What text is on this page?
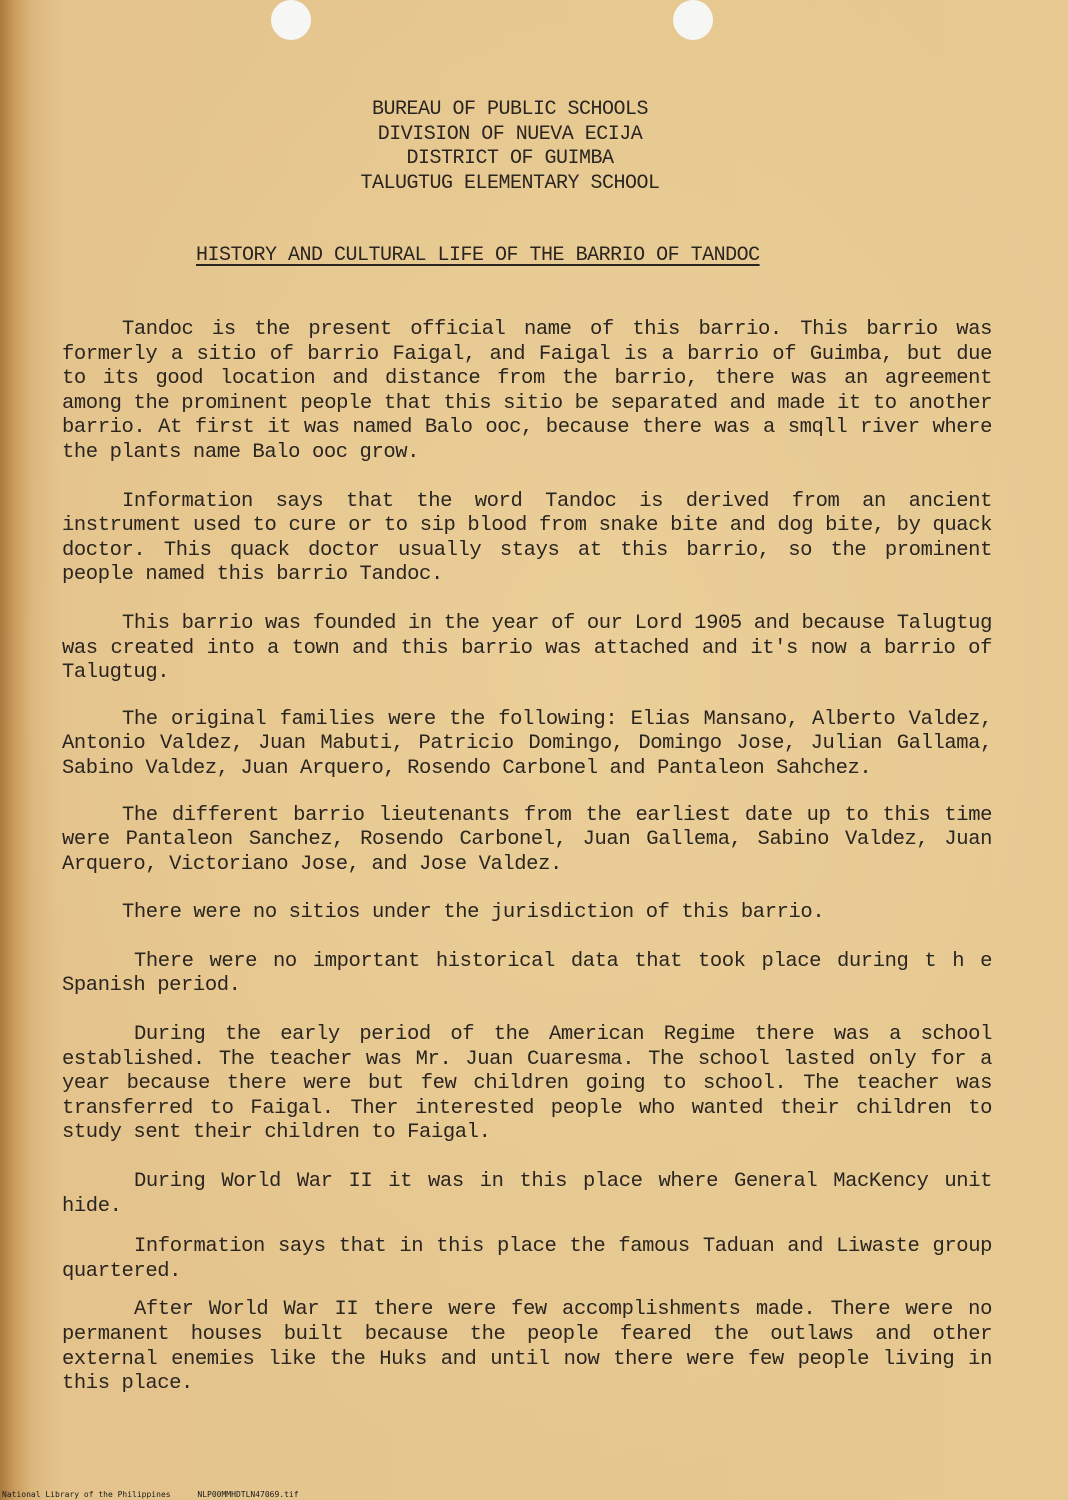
BUREAU OF PUBLIC SCHOOLS
DIVISION OF NUEVA ECIJA
DISTRICT OF GUIMBA
TALUGTUG ELEMENTARY SCHOOL
HISTORY AND CULTURAL LIFE OF THE BARRIO OF TANDOC

Tandoc is the present official name of this barrio. This barrio was formerly a sitio of barrio Faigal, and Faigal is a barrio of Guimba, but due to its good location and distance from the barrio, there was an agreement among the prominent people that this sitio be separated and made it to another barrio. At first it was named Balo ooc, because there was a smqll river where the plants name Balo ooc grow.

Information says that the word Tandoc is derived from an ancient instrument used to cure or to sip blood from snake bite and dog bite, by quack doctor. This quack doctor usually stays at this barrio, so the prominent people named this barrio Tandoc.

This barrio was founded in the year of our Lord 1905 and because Talugtug was created into a town and this barrio was attached and it's now a barrio of Talugtug.

The original families were the following: Elias Mansano, Alberto Valdez, Antonio Valdez, Juan Mabuti, Patricio Domingo, Domingo Jose, Julian Gallama, Sabino Valdez, Juan Arquero, Rosendo Carbonel and Pantaleon Sahchez.

The different barrio lieutenants from the earliest date up to this time were Pantaleon Sanchez, Rosendo Carbonel, Juan Gallema, Sabino Valdez, Juan Arquero, Victoriano Jose, and Jose Valdez.

There were no sitios under the jurisdiction of this barrio.

There were no important historical data that took place during t h e Spanish period.

During the early period of the American Regime there was a school established. The teacher was Mr. Juan Cuaresma. The school lasted only for a year because there were but few children going to school. The teacher was transferred to Faigal. Ther interested people who wanted their children to study sent their children to Faigal.

During World War II it was in this place where General MacKency unit hide.

Information says that in this place the famous Taduan and Liwaste group quartered.

After World War II there were few accomplishments made. There were no permanent houses built because the people feared the outlaws and other external enemies like the Huks and until now there were few people living in this place.

National Library of the Philippines	NLP00MMHDTLN47069.tif
